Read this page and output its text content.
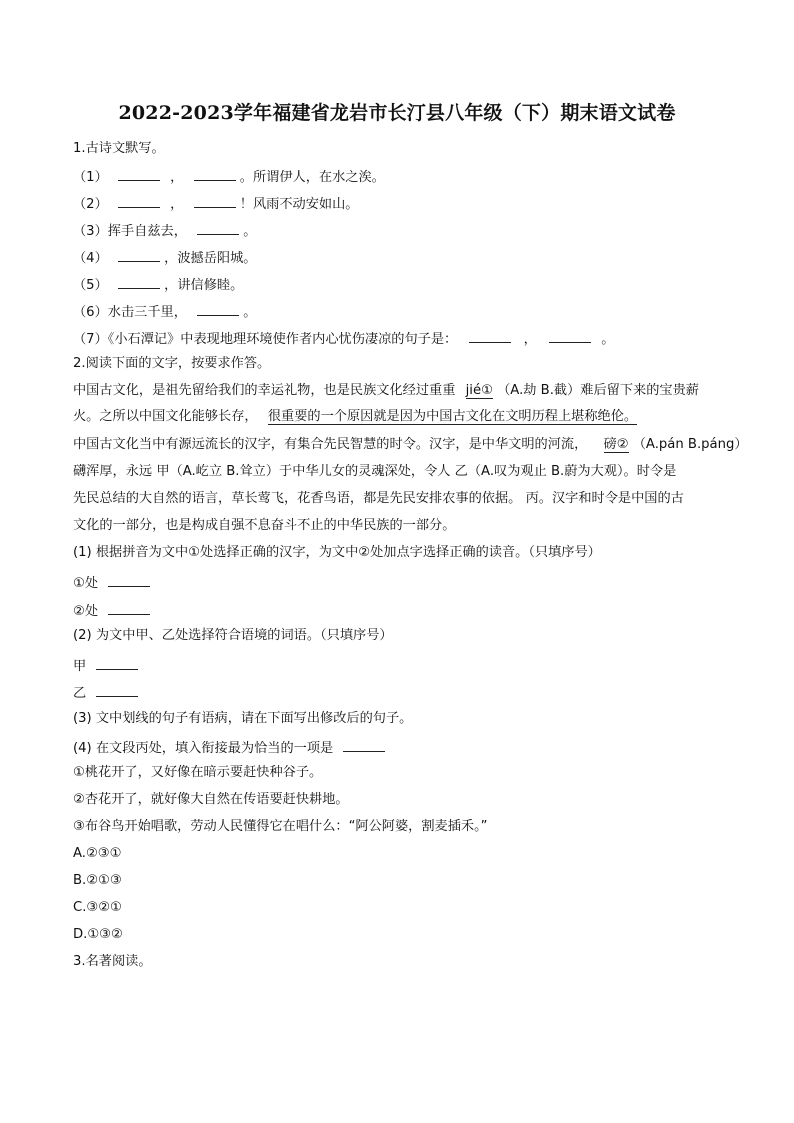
2022-2023学年福建省龙岩市长汀县八年级（下）期末语文试卷
1.古诗文默写。
（1）	，	。所谓伊人，在水之涘。
（2）	，	！风雨不动安如山。
（3）挥手自兹去，	。
（4）	，波撼岳阳城。
（5）	，讲信修睦。
（6）水击三千里，	。
（7）《小石潭记》中表现地理环境使作者内心忧伤凄凉的句子是：	，	。
2.阅读下面的文字，按要求作答。
中国古文化，是祖先留给我们的幸运礼物，也是民族文化经过重重 jié① （A.劫 B.截）难后留下来的宝贵薪
火。之所以中国文化能够长存， 很重要的一个原因就是因为中国古文化在文明历程上堪称绝伦。
中国古文化当中有源远流长的汉字，有集合先民智慧的时令。汉字，是中华文明的河流， 磅② （A.pán B.páng）
礴浑厚，永远 甲（A.屹立 B.耸立）于中华儿女的灵魂深处，令人 乙（A.叹为观止 B.蔚为大观）。时令是
先民总结的大自然的语言，草长莺飞，花香鸟语，都是先民安排农事的依据。 丙。汉字和时令是中国的古
文化的一部分，也是构成自强不息奋斗不止的中华民族的一部分。
(1) 根据拼音为文中①处选择正确的汉字，为文中②处加点字选择正确的读音。（只填序号）
①处
②处
(2) 为文中甲、乙处选择符合语境的词语。（只填序号）
甲
乙
(3) 文中划线的句子有语病，请在下面写出修改后的句子。
(4) 在文段丙处，填入衔接最为恰当的一项是
①桃花开了，又好像在暗示要赶快种谷子。
②杏花开了，就好像大自然在传语要赶快耕地。
③布谷鸟开始唱歌，劳动人民懂得它在唱什么：“阿公阿婆，割麦插禾。”
A.②③①
B.②①③
C.③②①
D.①③②
3.名著阅读。
